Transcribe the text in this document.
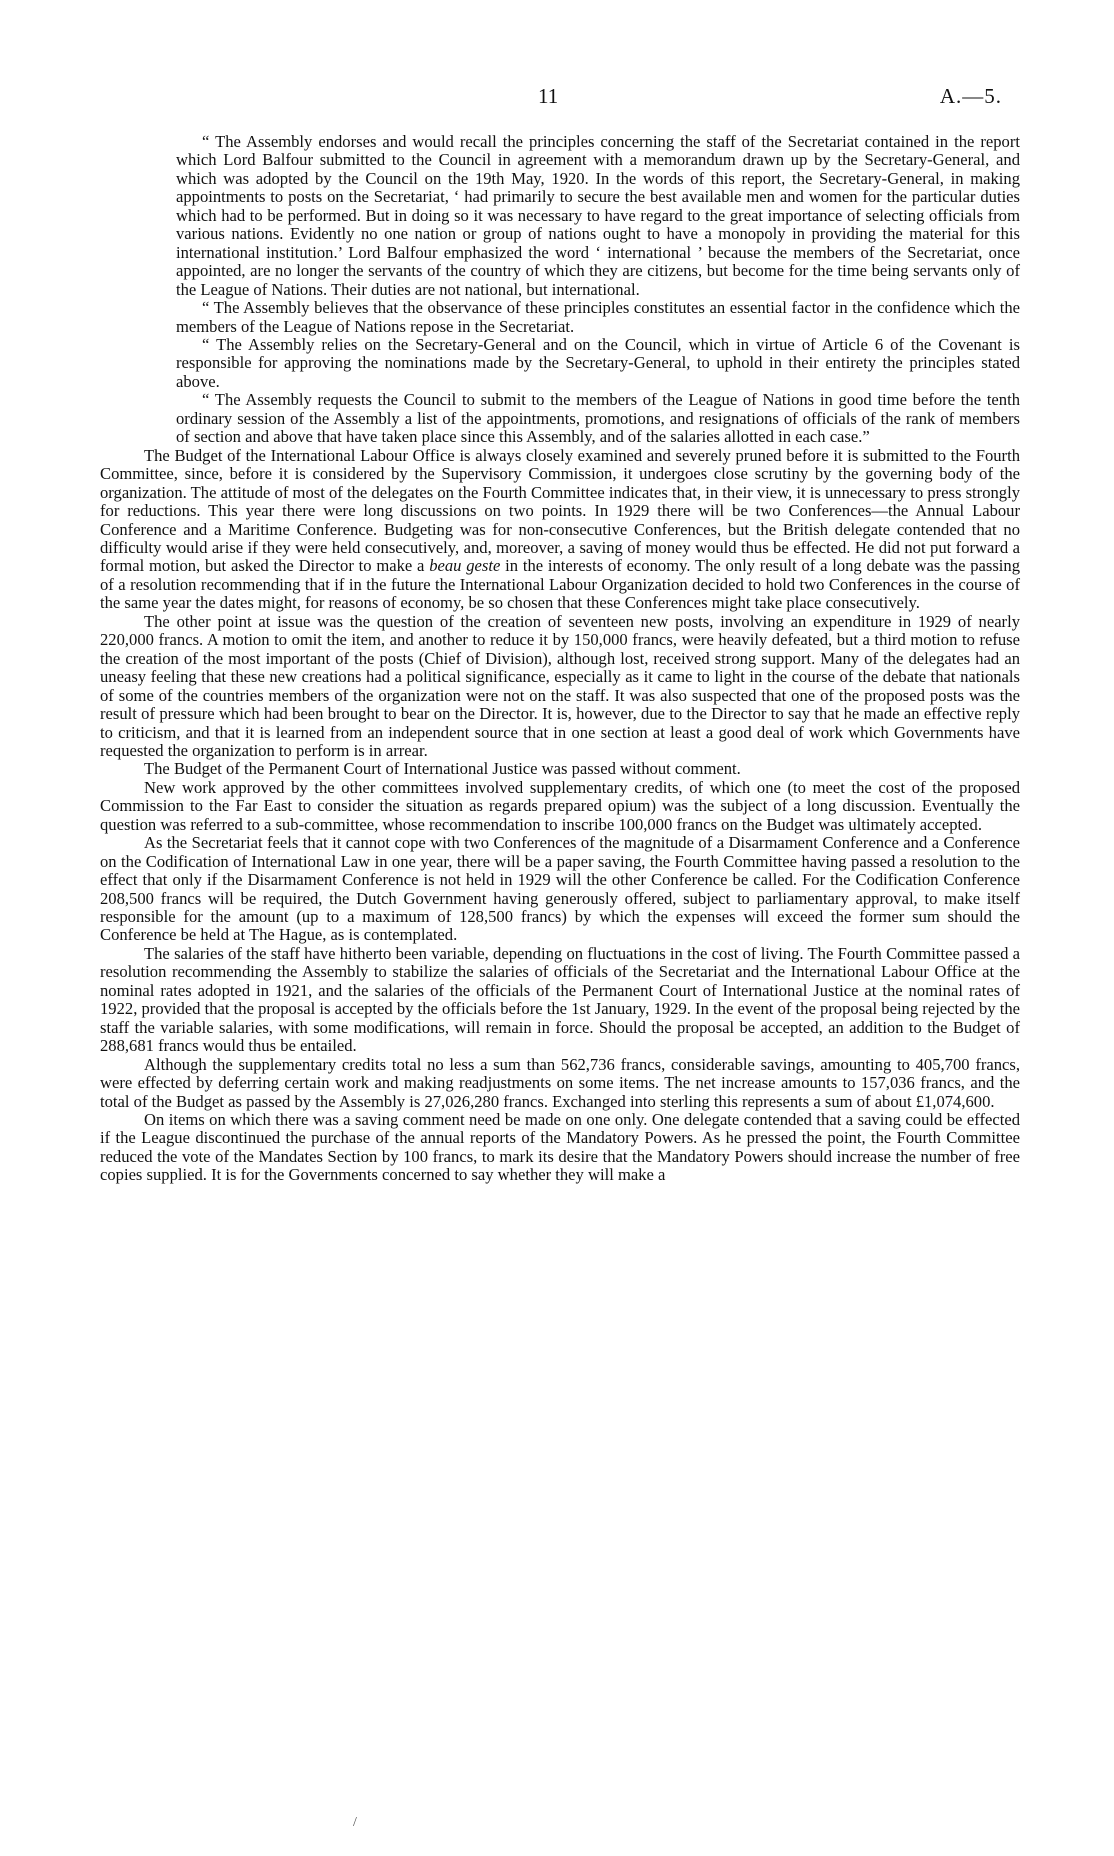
11	A.—5.

“ The Assembly endorses and would recall the principles concerning the staff of the Secretariat contained in the report which Lord Balfour submitted to the Council in agreement with a memorandum drawn up by the Secretary-General, and which was adopted by the Council on the 19th May, 1920. In the words of this report, the Secretary-General, in making appointments to posts on the Secretariat, ‘ had primarily to secure the best available men and women for the particular duties which had to be performed. But in doing so it was necessary to have regard to the great importance of selecting officials from various nations. Evidently no one nation or group of nations ought to have a monopoly in providing the material for this international institution.’ Lord Balfour emphasized the word ‘ international ’ because the members of the Secretariat, once appointed, are no longer the servants of the country of which they are citizens, but become for the time being servants only of the League of Nations. Their duties are not national, but international.

“ The Assembly believes that the observance of these principles constitutes an essential factor in the confidence which the members of the League of Nations repose in the Secretariat.

“ The Assembly relies on the Secretary-General and on the Council, which in virtue of Article 6 of the Covenant is responsible for approving the nominations made by the Secretary-General, to uphold in their entirety the principles stated above.

“ The Assembly requests the Council to submit to the members of the League of Nations in good time before the tenth ordinary session of the Assembly a list of the appointments, promotions, and resignations of officials of the rank of members of section and above that have taken place since this Assembly, and of the salaries allotted in each case.”

The Budget of the International Labour Office is always closely examined and severely pruned before it is submitted to the Fourth Committee, since, before it is considered by the Supervisory Commission, it undergoes close scrutiny by the governing body of the organization. The attitude of most of the delegates on the Fourth Committee indicates that, in their view, it is unnecessary to press strongly for reductions. This year there were long discussions on two points. In 1929 there will be two Conferences—the Annual Labour Conference and a Maritime Conference. Budgeting was for non-consecutive Conferences, but the British delegate contended that no difficulty would arise if they were held consecutively, and, moreover, a saving of money would thus be effected. He did not put forward a formal motion, but asked the Director to make a beau geste in the interests of economy. The only result of a long debate was the passing of a resolution recommending that if in the future the International Labour Organization decided to hold two Conferences in the course of the same year the dates might, for reasons of economy, be so chosen that these Conferences might take place consecutively.

The other point at issue was the question of the creation of seventeen new posts, involving an expenditure in 1929 of nearly 220,000 francs. A motion to omit the item, and another to reduce it by 150,000 francs, were heavily defeated, but a third motion to refuse the creation of the most important of the posts (Chief of Division), although lost, received strong support. Many of the delegates had an uneasy feeling that these new creations had a political significance, especially as it came to light in the course of the debate that nationals of some of the countries members of the organization were not on the staff. It was also suspected that one of the proposed posts was the result of pressure which had been brought to bear on the Director. It is, however, due to the Director to say that he made an effective reply to criticism, and that it is learned from an independent source that in one section at least a good deal of work which Governments have requested the organization to perform is in arrear.

The Budget of the Permanent Court of International Justice was passed without comment.

New work approved by the other committees involved supplementary credits, of which one (to meet the cost of the proposed Commission to the Far East to consider the situation as regards prepared opium) was the subject of a long discussion. Eventually the question was referred to a sub-committee, whose recommendation to inscribe 100,000 francs on the Budget was ultimately accepted.

As the Secretariat feels that it cannot cope with two Conferences of the magnitude of a Disarmament Conference and a Conference on the Codification of International Law in one year, there will be a paper saving, the Fourth Committee having passed a resolution to the effect that only if the Disarmament Conference is not held in 1929 will the other Conference be called. For the Codification Conference 208,500 francs will be required, the Dutch Government having generously offered, subject to parliamentary approval, to make itself responsible for the amount (up to a maximum of 128,500 francs) by which the expenses will exceed the former sum should the Conference be held at The Hague, as is contemplated.

The salaries of the staff have hitherto been variable, depending on fluctuations in the cost of living. The Fourth Committee passed a resolution recommending the Assembly to stabilize the salaries of officials of the Secretariat and the International Labour Office at the nominal rates adopted in 1921, and the salaries of the officials of the Permanent Court of International Justice at the nominal rates of 1922, provided that the proposal is accepted by the officials before the 1st January, 1929. In the event of the proposal being rejected by the staff the variable salaries, with some modifications, will remain in force. Should the proposal be accepted, an addition to the Budget of 288,681 francs would thus be entailed.

Although the supplementary credits total no less a sum than 562,736 francs, considerable savings, amounting to 405,700 francs, were effected by deferring certain work and making readjustments on some items. The net increase amounts to 157,036 francs, and the total of the Budget as passed by the Assembly is 27,026,280 francs. Exchanged into sterling this represents a sum of about £1,074,600.

On items on which there was a saving comment need be made on one only. One delegate contended that a saving could be effected if the League discontinued the purchase of the annual reports of the Mandatory Powers. As he pressed the point, the Fourth Committee reduced the vote of the Mandates Section by 100 francs, to mark its desire that the Mandatory Powers should increase the number of free copies supplied. It is for the Governments concerned to say whether they will make a

/
